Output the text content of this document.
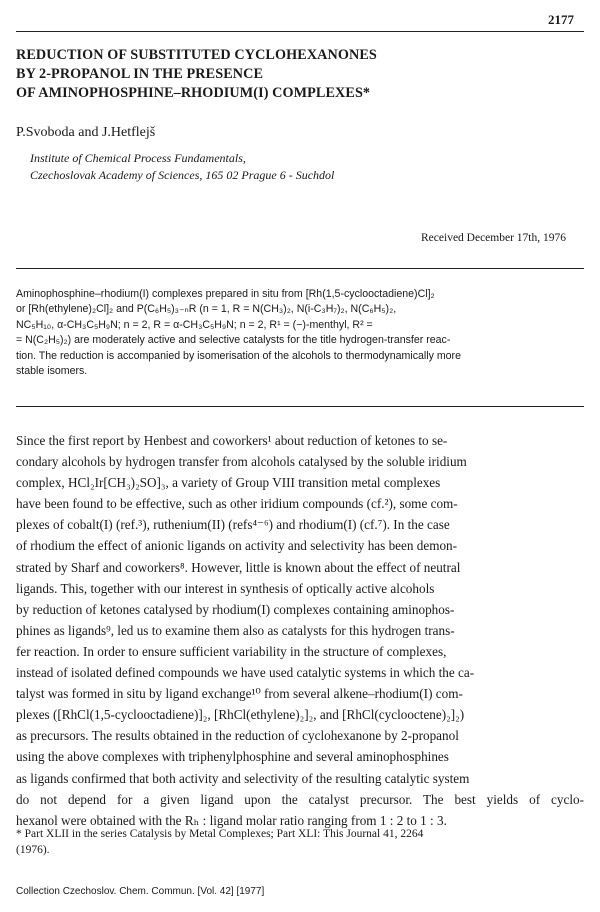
2177
REDUCTION OF SUBSTITUTED CYCLOHEXANONES
BY 2-PROPANOL IN THE PRESENCE
OF AMINOPHOSPHINE–RHODIUM(I) COMPLEXES*
P.Svoboda and J.Hetflejš
Institute of Chemical Process Fundamentals,
Czechoslovak Academy of Sciences, 165 02 Prague 6 - Suchdol
Received December 17th, 1976
Aminophosphine–rhodium(I) complexes prepared in situ from [Rh(1,5-cyclooctadiene)Cl]₂
or [Rh(ethylene)₂Cl]₂ and P(C₆H₅)₃₋ₙR (n = 1, R = N(CH₃)₂, N(i-C₃H₇)₂, N(C₆H₅)₂,
NC₅H₁₀, α-CH₃C₅H₉N; n = 2, R = α-CH₃C₅H₉N; n = 2, R¹ = (−)-menthyl, R² =
= N(C₂H₅)₂) are moderately active and selective catalysts for the title hydrogen-transfer reac-
tion. The reduction is accompanied by isomerisation of the alcohols to thermodynamically more
stable isomers.
Since the first report by Henbest and coworkers¹ about reduction of ketones to se-
condary alcohols by hydrogen transfer from alcohols catalysed by the soluble iridium
complex, HCl₂Ir[CH₃)₂SO]₃, a variety of Group VIII transition metal complexes
have been found to be effective, such as other iridium compounds (cf.²), some com-
plexes of cobalt(I) (ref.³), ruthenium(II) (refs⁴⁻⁶) and rhodium(I) (cf.⁷). In the case
of rhodium the effect of anionic ligands on activity and selectivity has been demon-
strated by Sharf and coworkers⁸. However, little is known about the effect of neutral
ligands. This, together with our interest in synthesis of optically active alcohols
by reduction of ketones catalysed by rhodium(I) complexes containing aminophos-
phines as ligands⁹, led us to examine them also as catalysts for this hydrogen trans-
fer reaction. In order to ensure sufficient variability in the structure of complexes,
instead of isolated defined compounds we have used catalytic systems in which the ca-
talyst was formed in situ by ligand exchange¹⁰ from several alkene–rhodium(I) com-
plexes ([RhCl(1,5-cyclooctadiene)]₂, [RhCl(ethylene)₂]₂, and [RhCl(cyclooctene)₂]₂)
as precursors. The results obtained in the reduction of cyclohexanone by 2-propanol
using the above complexes with triphenylphosphine and several aminophosphines
as ligands confirmed that both activity and selectivity of the resulting catalytic system
do not depend for a given ligand upon the catalyst precursor. The best yields of cyclo-
hexanol were obtained with the Rₕ : ligand molar ratio ranging from 1 : 2 to 1 : 3.
* Part XLII in the series Catalysis by Metal Complexes; Part XLI: This Journal 41, 2264
(1976).
Collection Czechoslov. Chem. Commun. [Vol. 42] [1977]
